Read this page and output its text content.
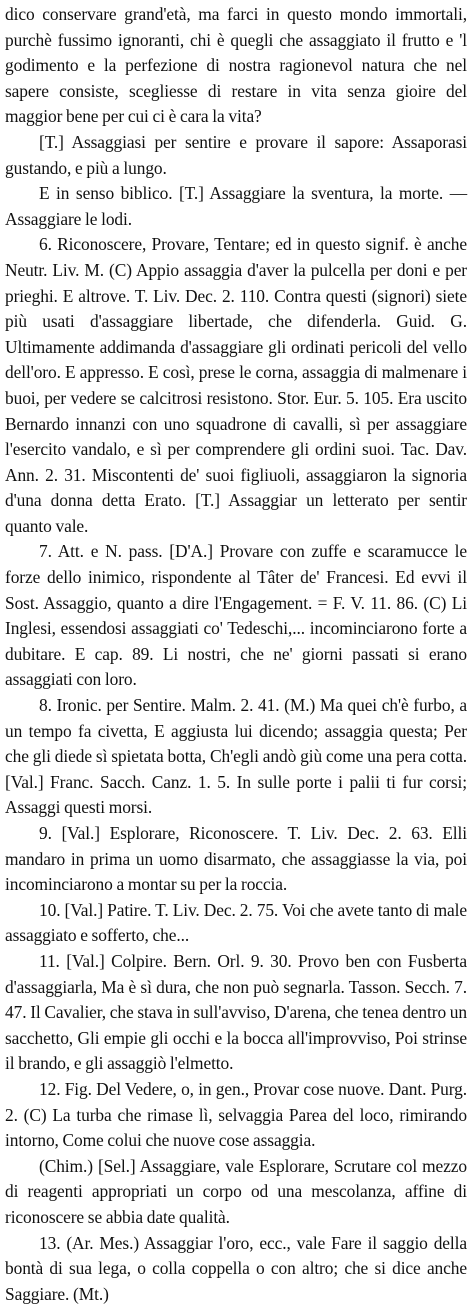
dico conservare grand'età, ma farci in questo mondo immortali, purchè fussimo ignoranti, chi è quegli che assaggiato il frutto e 'l godimento e la perfezione di nostra ragionevol natura che nel sapere consiste, scegliesse di restare in vita senza gioire del maggior bene per cui ci è cara la vita?

[T.] Assaggiasi per sentire e provare il sapore: Assaporasi gustando, e più a lungo.

E in senso biblico. [T.] Assaggiare la sventura, la morte. — Assaggiare le lodi.

6. Riconoscere, Provare, Tentare; ed in questo signif. è anche Neutr. Liv. M. (C) Appio assaggia d'aver la pulcella per doni e per prieghi. E altrove. T. Liv. Dec. 2. 110. Contra questi (signori) siete più usati d'assaggiare libertade, che difenderla. Guid. G. Ultimamente addimanda d'assaggiare gli ordinati pericoli del vello dell'oro. E appresso. E così, prese le corna, assaggia di malmenare i buoi, per vedere se calcitrosi resistono. Stor. Eur. 5. 105. Era uscito Bernardo innanzi con uno squadrone di cavalli, sì per assaggiare l'esercito vandalo, e sì per comprendere gli ordini suoi. Tac. Dav. Ann. 2. 31. Miscontenti de' suoi figliuoli, assaggiaron la signoria d'una donna detta Erato. [T.] Assaggiar un letterato per sentir quanto vale.

7. Att. e N. pass. [D'A.] Provare con zuffe e scaramucce le forze dello inimico, rispondente al Tâter de' Francesi. Ed evvi il Sost. Assaggio, quanto a dire l'Engagement. = F. V. 11. 86. (C) Li Inglesi, essendosi assaggiati co' Tedeschi,... incominciarono forte a dubitare. E cap. 89. Li nostri, che ne' giorni passati si erano assaggiati con loro.

8. Ironic. per Sentire. Malm. 2. 41. (M.) Ma quei ch'è furbo, a un tempo fa civetta, E aggiusta lui dicendo; assaggia questa; Per che gli diede sì spietata botta, Ch'egli andò giù come una pera cotta. [Val.] Franc. Sacch. Canz. 1. 5. In sulle porte i palii ti fur corsi; Assaggi questi morsi.

9. [Val.] Esplorare, Riconoscere. T. Liv. Dec. 2. 63. Elli mandaro in prima un uomo disarmato, che assaggiasse la via, poi incominciarono a montar su per la roccia.

10. [Val.] Patire. T. Liv. Dec. 2. 75. Voi che avete tanto di male assaggiato e sofferto, che...

11. [Val.] Colpire. Bern. Orl. 9. 30. Provo ben con Fusberta d'assaggiarla, Ma è sì dura, che non può segnarla. Tasson. Secch. 7. 47. Il Cavalier, che stava in sull'avviso, D'arena, che tenea dentro un sacchetto, Gli empie gli occhi e la bocca all'improvviso, Poi strinse il brando, e gli assaggiò l'elmetto.

12. Fig. Del Vedere, o, in gen., Provar cose nuove. Dant. Purg. 2. (C) La turba che rimase lì, selvaggia Parea del loco, rimirando intorno, Come colui che nuove cose assaggia.

(Chim.) [Sel.] Assaggiare, vale Esplorare, Scrutare col mezzo di reagenti appropriati un corpo od una mescolanza, affine di riconoscere se abbia date qualità.

13. (Ar. Mes.) Assaggiar l'oro, ecc., vale Fare il saggio della bontà di sua lega, o colla coppella o con altro; che si dice anche Saggiare. (Mt.)
